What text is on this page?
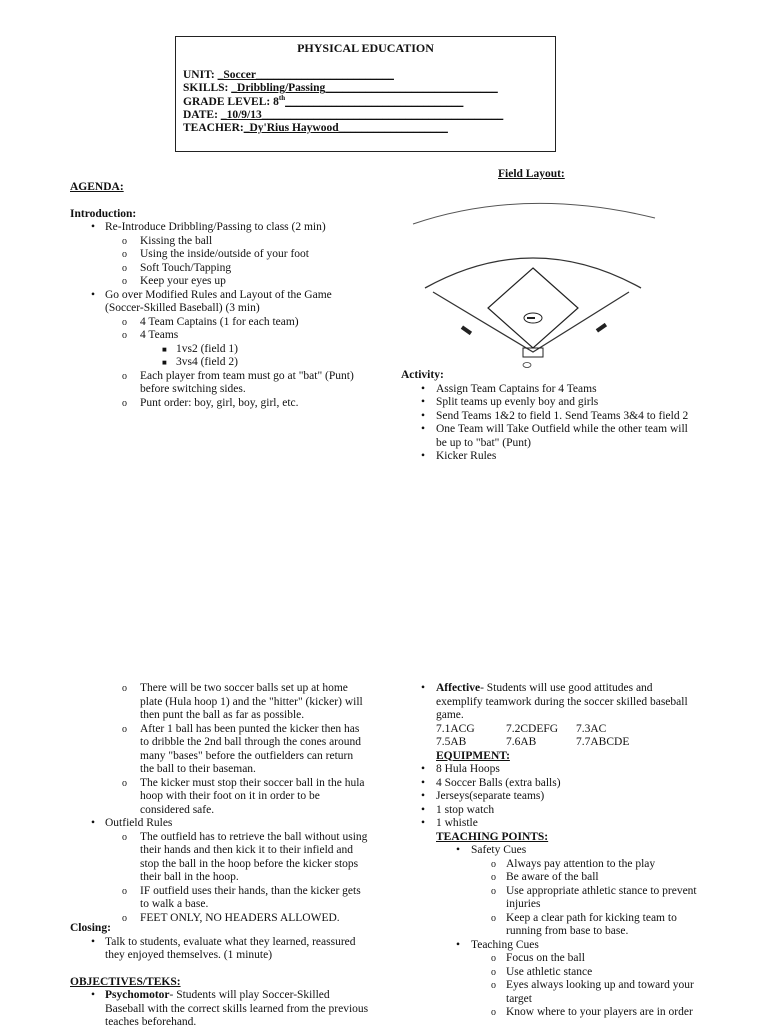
PHYSICAL EDUCATION
UNIT: _Soccer________________________
SKILLS: _Dribbling/Passing______________________________
GRADE LEVEL: 8th_______________________________
DATE: _10/9/13__________________________________________
TEACHER:_Dy'Rius Haywood___________________
Field Layout:
AGENDA:
Introduction:
• Re-Introduce Dribbling/Passing to class (2 min)
o Kissing the ball
o Using the inside/outside of your foot
o Soft Touch/Tapping
o Keep your eyes up
• Go over Modified Rules and Layout of the Game (Soccer-Skilled Baseball) (3 min)
o 4 Team Captains (1 for each team)
o 4 Teams
■ 1vs2 (field 1)
■ 3vs4 (field 2)
o Each player from team must go at "bat" (Punt) before switching sides.
o Punt order: boy, girl, boy, girl, etc.
Activity:
• Assign Team Captains for 4 Teams
• Split teams up evenly boy and girls
• Send Teams 1&2 to field 1. Send Teams 3&4 to field 2
• One Team will Take Outfield while the other team will be up to "bat" (Punt)
• Kicker Rules
o There will be two soccer balls set up at home plate (Hula hoop 1) and the "hitter" (kicker) will then punt the ball as far as possible.
o After 1 ball has been punted the kicker then has to dribble the 2nd ball through the cones around many "bases" before the outfielders can return the ball to their baseman.
o The kicker must stop their soccer ball in the hula hoop with their foot on it in order to be considered safe.
• Outfield Rules
o The outfield has to retrieve the ball without using their hands and then kick it to their infield and stop the ball in the hoop before the kicker stops their ball in the hoop.
o IF outfield uses their hands, than the kicker gets to walk a base.
o FEET ONLY, NO HEADERS ALLOWED.
Closing:
• Talk to students, evaluate what they learned, reassured they enjoyed themselves. (1 minute)
OBJECTIVES/TEKS:
• Psychomotor- Students will play Soccer-Skilled Baseball with the correct skills learned from the previous teaches beforehand.
• Affective- Students will use good attitudes and exemplify teamwork during the soccer skilled baseball game.
7.1ACG	7.2CDEFG	7.3AC
7.5AB	7.6AB	7.7ABCDE
EQUIPMENT:
• 8 Hula Hoops
• 4 Soccer Balls (extra balls)
• Jerseys(separate teams)
• 1 stop watch
• 1 whistle
TEACHING POINTS:
• Safety Cues
o Always pay attention to the play
o Be aware of the ball
o Use appropriate athletic stance to prevent injuries
o Keep a clear path for kicking team to running from base to base.
• Teaching Cues
o Focus on the ball
o Use athletic stance
o Eyes always looking up and toward your target
o Know where to your players are in order
